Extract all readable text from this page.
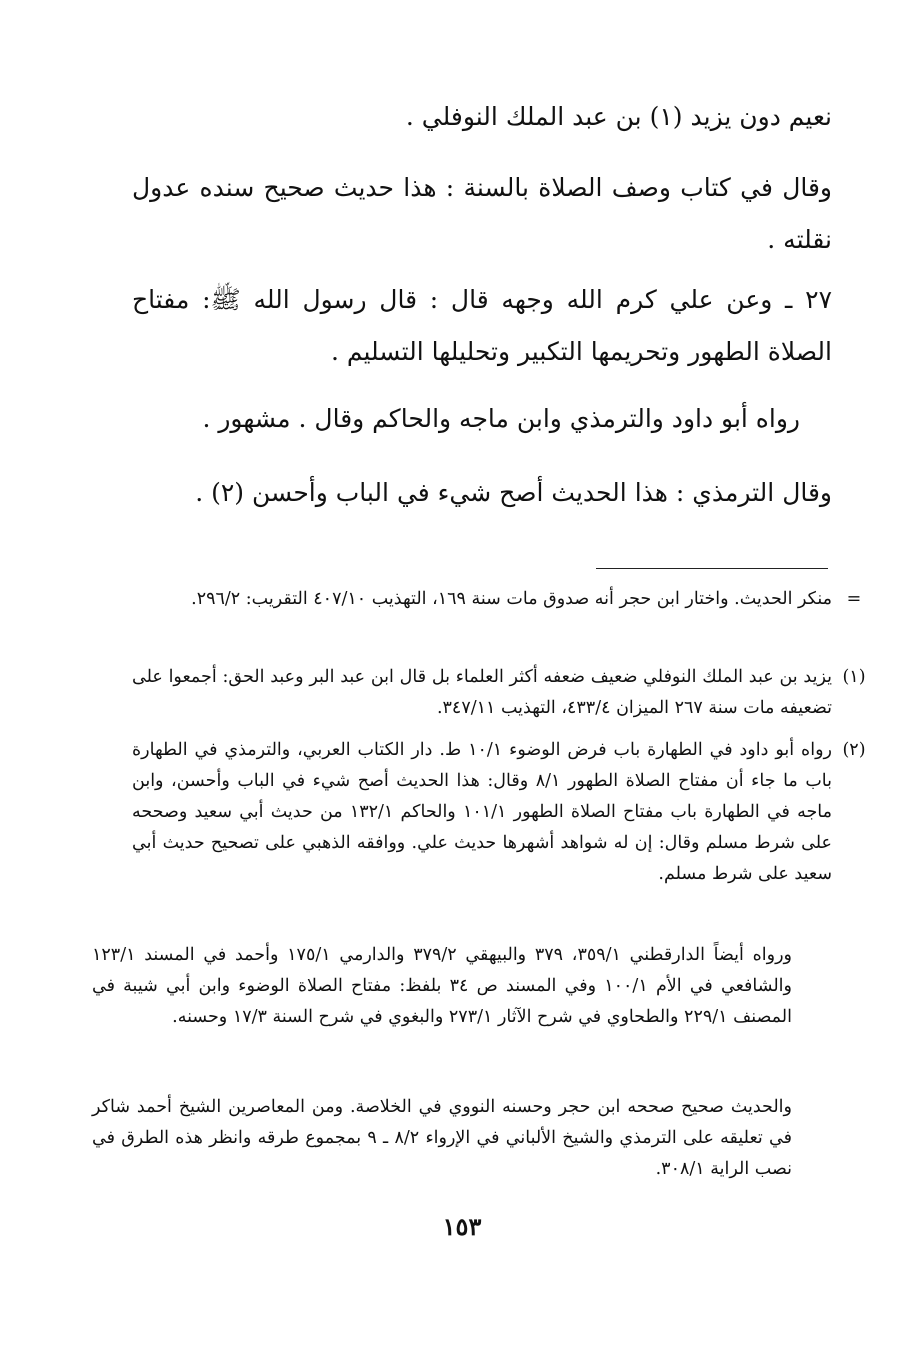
نعيم دون يزيد (١) بن عبد الملك النوفلي .
وقال في كتاب وصف الصلاة بالسنة : هذا حديث صحيح سنده عدول نقلته .
٢٧ ـ وعن علي كرم الله وجهه قال : قال رسول الله ﷺ: مفتاح الصلاة الطهور وتحريمها التكبير وتحليلها التسليم .
رواه أبو داود والترمذي وابن ماجه والحاكم وقال . مشهور .
وقال الترمذي : هذا الحديث أصح شيء في الباب وأحسن (٢) .
=
منكر الحديث. واختار ابن حجر أنه صدوق مات سنة ١٦٩، التهذيب ٤٠٧/١٠ التقريب: ٢٩٦/٢.
(١)
يزيد بن عبد الملك النوفلي ضعيف ضعفه أكثر العلماء بل قال ابن عبد البر وعبد الحق: أجمعوا على تضعيفه مات سنة ٢٦٧ الميزان ٤٣٣/٤، التهذيب ٣٤٧/١١.
(٢)
رواه أبو داود في الطهارة باب فرض الوضوء ١٠/١ ط. دار الكتاب العربي، والترمذي في الطهارة باب ما جاء أن مفتاح الصلاة الطهور ٨/١ وقال: هذا الحديث أصح شيء في الباب وأحسن، وابن ماجه في الطهارة باب مفتاح الصلاة الطهور ١٠١/١ والحاكم ١٣٢/١ من حديث أبي سعيد وصححه على شرط مسلم وقال: إن له شواهد أشهرها حديث علي. ووافقه الذهبي على تصحيح حديث أبي سعيد على شرط مسلم.
ورواه أيضاً الدارقطني ٣٥٩/١، ٣٧٩ والبيهقي ٣٧٩/٢ والدارمي ١٧٥/١ وأحمد في المسند ١٢٣/١ والشافعي في الأم ١٠٠/١ وفي المسند ص ٣٤ بلفظ: مفتاح الصلاة الوضوء وابن أبي شيبة في المصنف ٢٢٩/١ والطحاوي في شرح الآثار ٢٧٣/١ والبغوي في شرح السنة ١٧/٣ وحسنه.
والحديث صحيح صححه ابن حجر وحسنه النووي في الخلاصة. ومن المعاصرين الشيخ أحمد شاكر في تعليقه على الترمذي والشيخ الألباني في الإرواء ٨/٢ ـ ٩ بمجموع طرقه وانظر هذه الطرق في نصب الراية ٣٠٨/١.
١٥٣
